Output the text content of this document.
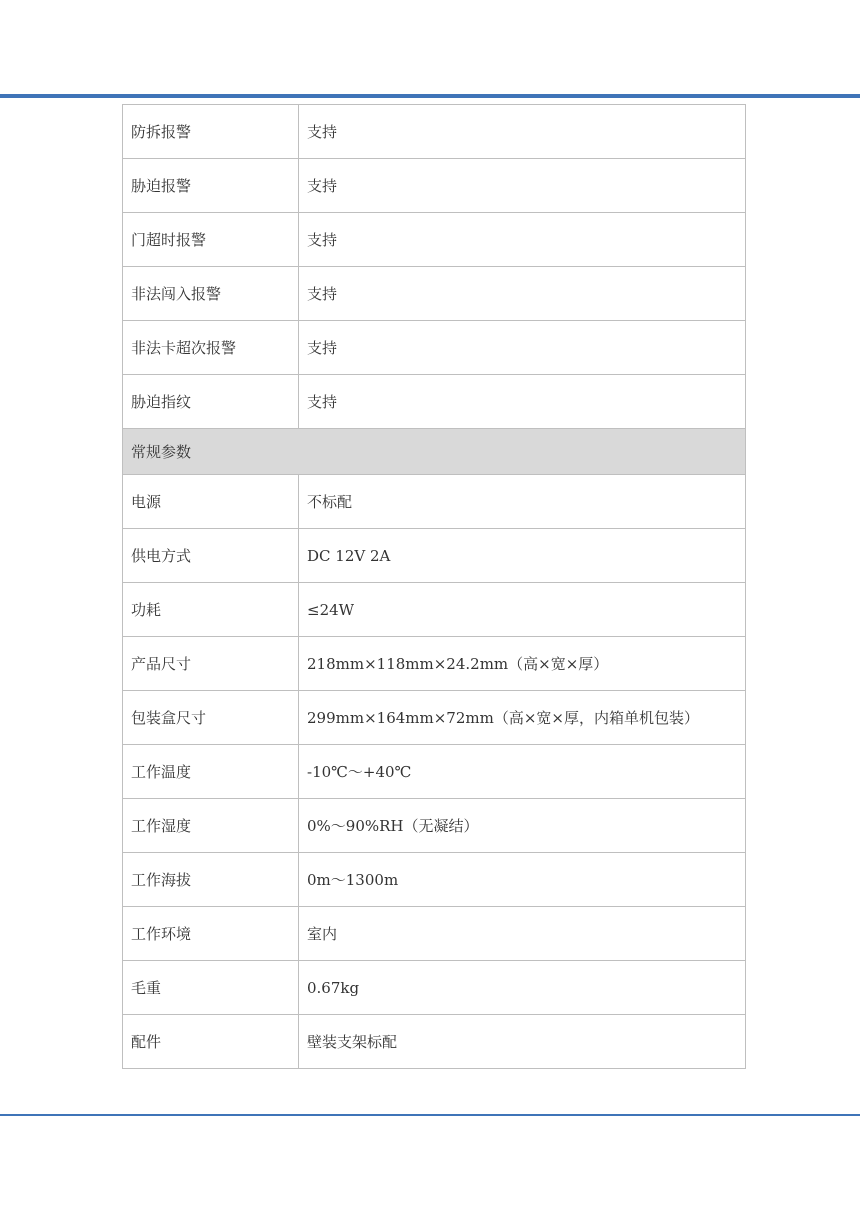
防拆报警	支持
胁迫报警	支持
门超时报警	支持
非法闯入报警	支持
非法卡超次报警	支持
胁迫指纹	支持
常规参数	
电源	不标配
供电方式	DC 12V 2A
功耗	≤24W
产品尺寸	218mm×118mm×24.2mm（高×宽×厚）
包装盒尺寸	299mm×164mm×72mm（高×宽×厚，内箱单机包装）
工作温度	-10℃～+40℃
工作湿度	0%～90%RH（无凝结）
工作海拔	0m～1300m
工作环境	室内
毛重	0.67kg
配件	壁装支架标配
